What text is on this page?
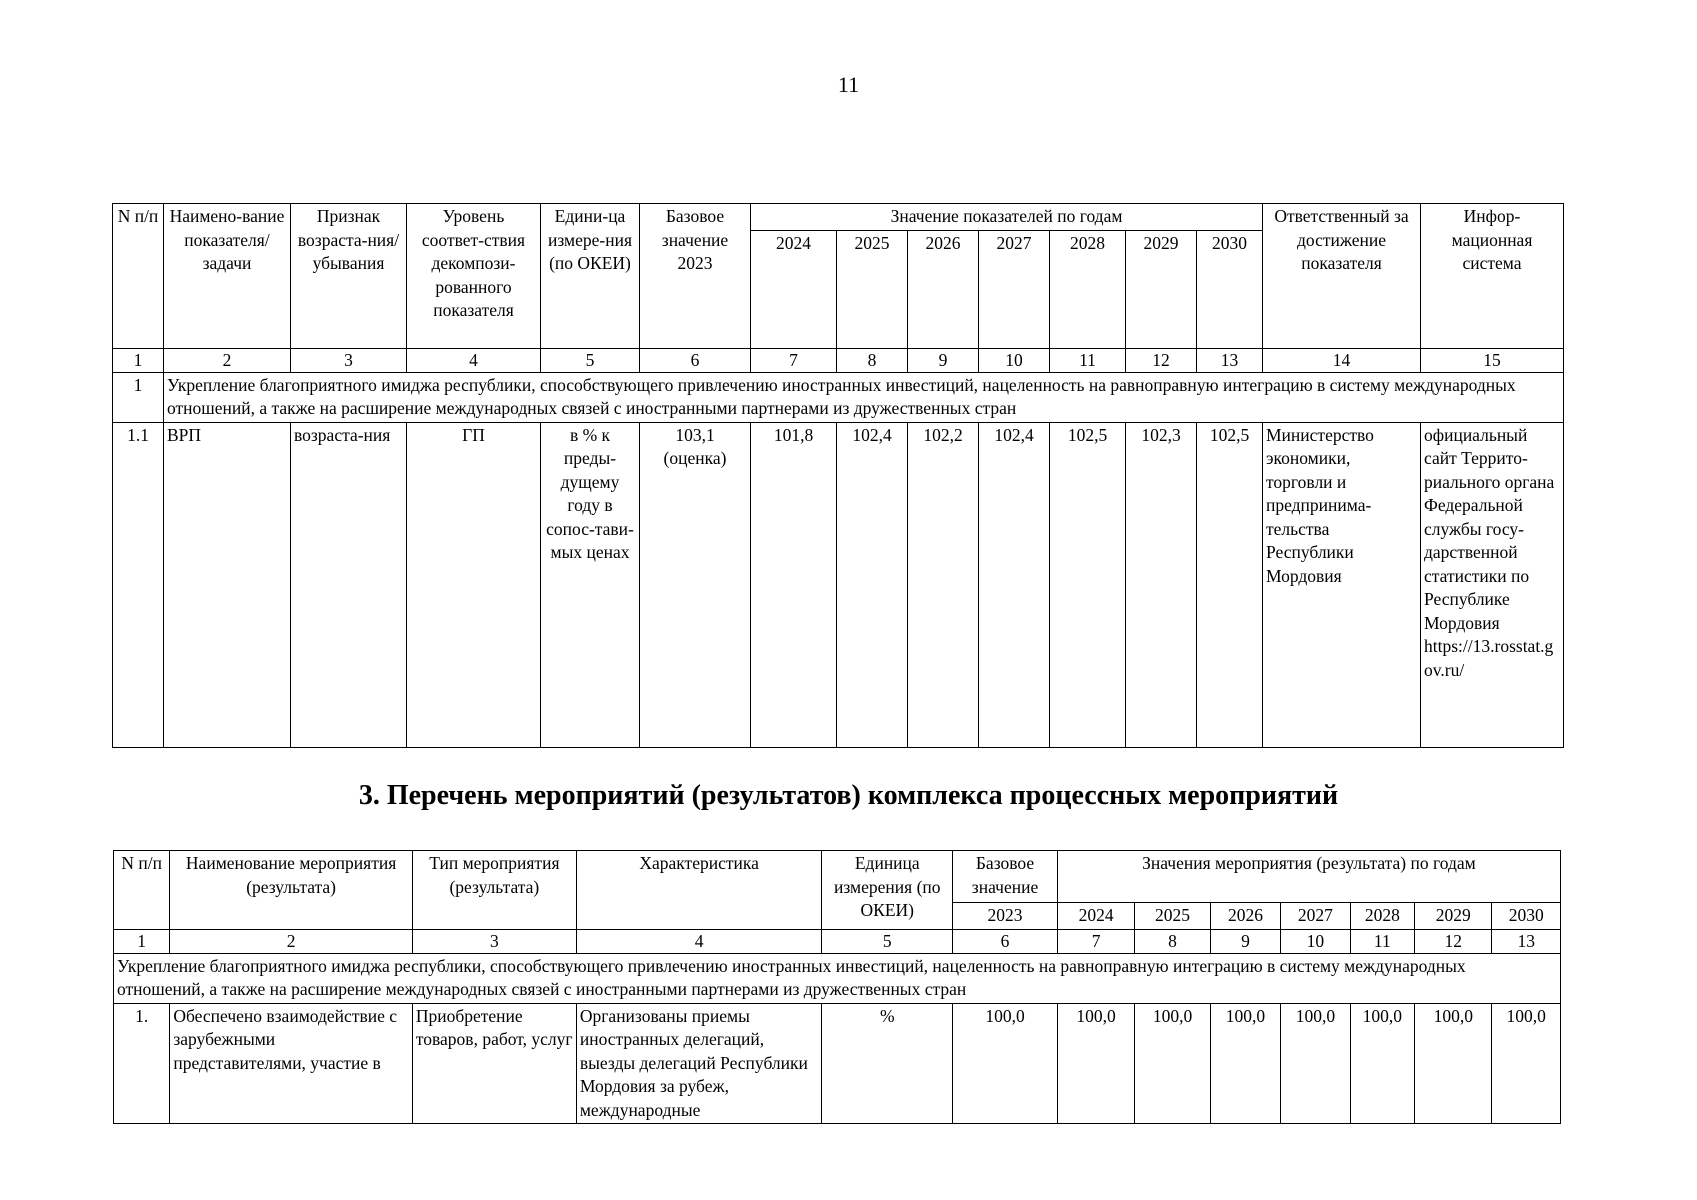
11
N п/п	Наимено-вание показателя/ задачи	Признак возраста-ния/ убывания	Уровень соответ-ствия декомпози-рованного показателя	Едини-ца измере-ния (по ОКЕИ)	Базовое значение 2023	Значение показателей по годам							Ответственный за достижение показателя	Инфор-мационная система
						2024	2025	2026	2027	2028	2029	2030		
1	2	3	4	5	6	7	8	9	10	11	12	13	14	15
1	Укрепление благоприятного имиджа республики, способствующего привлечению иностранных инвестиций, нацеленность на равноправную интеграцию в систему международных отношений, а также на расширение международных связей с иностранными партнерами из дружественных стран													
1.1	ВРП	возраста-ния	ГП	в % к преды-дущему году в сопос-тави-мых ценах	103,1 (оценка)	101,8	102,4	102,2	102,4	102,5	102,3	102,5	Министерство экономики, торговли и предпринима-тельства Республики Мордовия	официальный сайт Террито-риального органа Федеральной службы госу-дарственной статистики по Республике Мордовия https://13.rosstat.gov.ru/
3. Перечень мероприятий (результатов) комплекса процессных мероприятий
N п/п	Наименование мероприятия (результата)	Тип мероприятия (результата)	Характеристика	Единица измерения (по ОКЕИ)	Базовое значение	Значения мероприятия (результата) по годам						
					2023	2024	2025	2026	2027	2028	2029	2030
1	2	3	4	5	6	7	8	9	10	11	12	13
Укрепление благоприятного имиджа республики, способствующего привлечению иностранных инвестиций, нацеленность на равноправную интеграцию в систему международных отношений, а также на расширение международных связей с иностранными партнерами из дружественных стран												
1.	Обеспечено взаимодействие с зарубежными представителями, участие в	Приобретение товаров, работ, услуг	Организованы приемы иностранных делегаций, выезды делегаций Республики Мордовия за рубеж, международные	%	100,0	100,0	100,0	100,0	100,0	100,0	100,0	100,0
